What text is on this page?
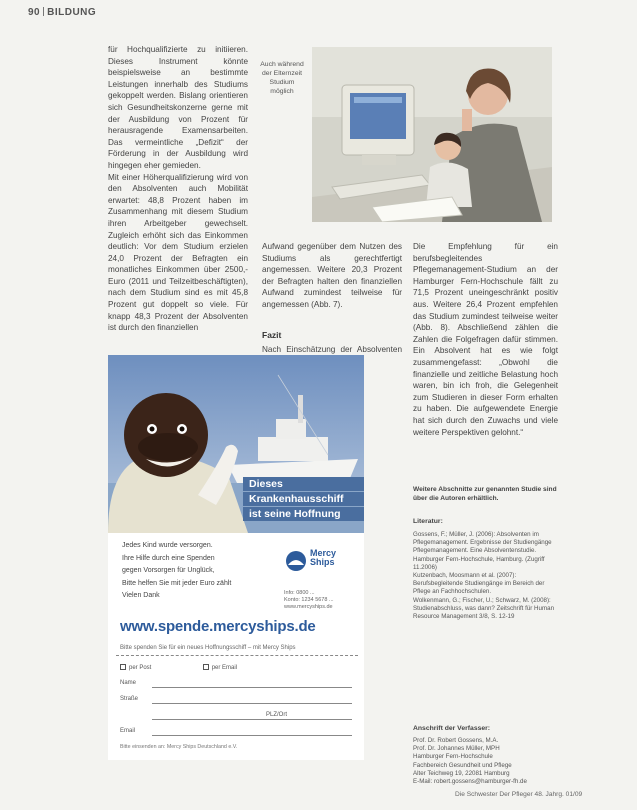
90 BILDUNG

für Hochqualifizierte zu initiieren. Dieses Instrument könnte beispielsweise an bestimmte Leistungen innerhalb des Studiums gekoppelt werden. Bislang orientieren sich Gesundheitskonzerne gerne mit der Ausbildung von Prozent für herausragende Examensarbeiten. Das vermeintliche „Defizit“ der Förderung in der Ausbildung wird hingegen eher gemieden.

Mit einer Höherqualifizierung wird von den Absolventen auch Mobilität erwartet: 48,8 Prozent haben im Zusammenhang mit diesem Studium ihren Arbeitgeber gewechselt. Zugleich erhöht sich das Einkommen deutlich: Vor dem Studium erzielen 24,0 Prozent der Befragten ein monatliches Einkommen über 2500,- Euro (2011 und Teilzeitbeschäftigten), nach dem Studium sind es mit 45,8 Prozent gut doppelt so viele. Für knapp 48,3 Prozent der Absolventen ist durch den finanziellen

Auch während der Elternzeit Studium möglich

Aufwand gegenüber dem Nutzen des Studiums als gerechtfertigt angemessen. Weitere 20,3 Prozent der Befragten halten den finanziellen Aufwand zumindest teilweise für angemessen (Abb. 7).

Fazit
Nach Einschätzung der Absolventen
Die Empfehlung für ein berufsbegleitendes Pflegemanagement-Studium an der Hamburger Fern-Hochschule fällt zu 71,5 Prozent uneingeschränkt positiv aus. Weitere 26,4 Prozent empfehlen das Studium zumindest teilweise weiter (Abb. 8). Abschließend zählen die Zahlen die Folgefragen dafür stimmen. Ein Absolvent hat es wie folgt zusammengefasst: „Obwohl die finanzielle und zeitliche Belastung hoch waren, bin ich froh, die Gelegenheit zum Studieren in dieser Form erhalten zu haben. Die aufgewendete Energie hat sich durch den Zuwachs und viele weitere Perspektiven gelohnt.“
Weitere Abschnitte zur genannten Studie sind über die Autoren erhältlich.
Literatur:

Gossens, F.; Müller, J. (2006): Absolventen im Pflegemanagement. Ergebnisse der Studiengänge Pflegemanagement. Eine Absolventenstudie. Hamburger Fern-Hochschule, Hamburg. (Zugriff 11.2006)

Kutzenbach, Moosmann et al. (2007): Berufsbegleitende Studiengänge im Bereich der Pflege an Fachhochschulen.

Wolkenmann, G.; Fischer, U.; Schwarz, M. (2008): Studienabschluss, was dann? Zeitschrift für Human Resource Management 3/8, S. 12-19

Anschrift der Verfasser:
Prof. Dr. Robert Gossens, M.A.
Prof. Dr. Johannes Müller, MPH
Hamburger Fern-Hochschule
Fachbereich Gesundheit und Pflege
Alter Teichweg 19, 22081 Hamburg
E-Mail: robert.gossens@hamburger-fh.de
Die Schwester Der Pfleger 48. Jahrg. 01/09
Dieses
Krankenhausschiff
ist seine Hoffnung
Jedes Kind wurde versorgen.
Ihre Hilfe durch eine Spenden
gegen Vorsorgen für Unglück,
Bitte helfen Sie mit jeder Euro zählt
Vielen Dank
Mercy Ships
Info: 0800 ...
Konto: 1234 5678 ...
www.mercyships.de
www.spende.mercyships.de
Bitte spenden Sie für ein neues Hoffnungsschiff – mit Mercy Ships
per Post	per Email
Name
Straße
PLZ/Ort
Email
Bitte einsenden an: Mercy Ships Deutschland e.V.
